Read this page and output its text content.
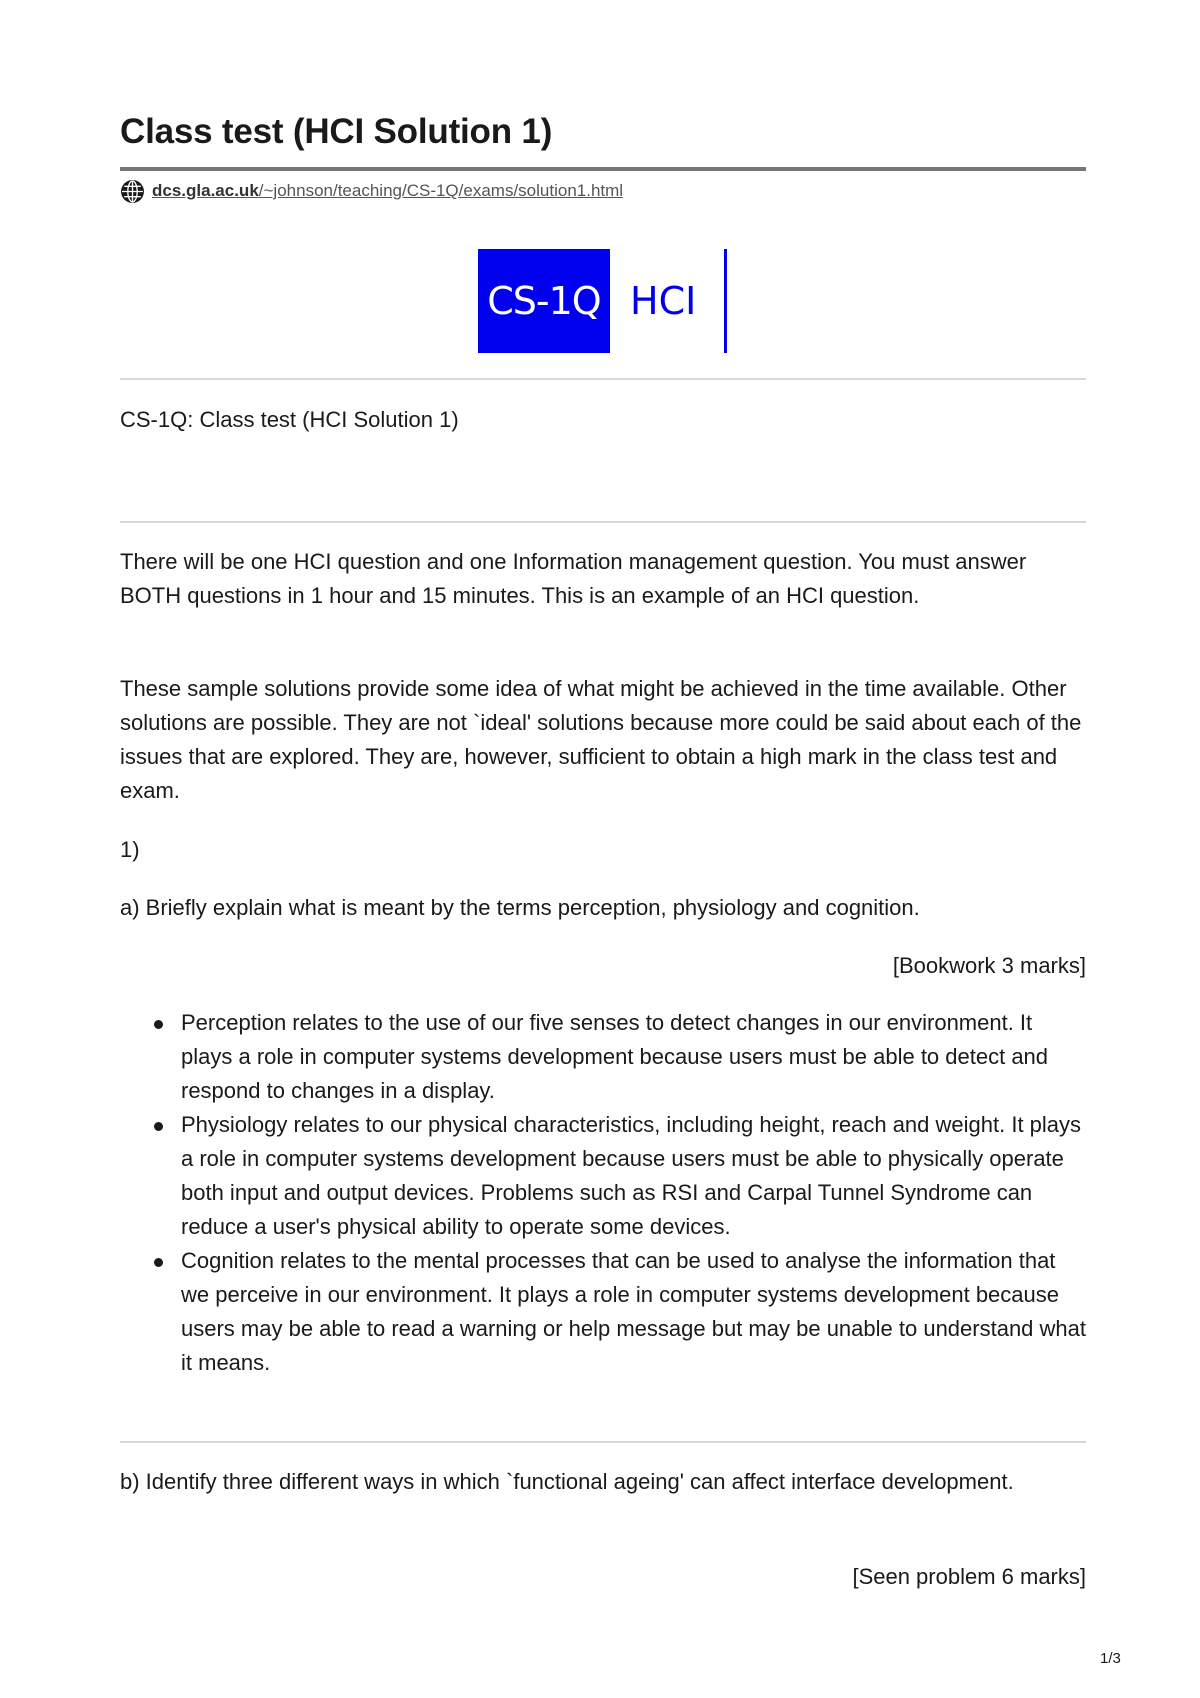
Class test (HCI Solution 1)
dcs.gla.ac.uk/~johnson/teaching/CS-1Q/exams/solution1.html
CS-1Q HCI

CS-1Q: Class test (HCI Solution 1)

There will be one HCI question and one Information management question. You must answer BOTH questions in 1 hour and 15 minutes. This is an example of an HCI question.

These sample solutions provide some idea of what might be achieved in the time available. Other solutions are possible. They are not `ideal' solutions because more could be said about each of the issues that are explored. They are, however, sufficient to obtain a high mark in the class test and exam.

1)

a) Briefly explain what is meant by the terms perception, physiology and cognition.

[Bookwork 3 marks]

Perception relates to the use of our five senses to detect changes in our environment. It plays a role in computer systems development because users must be able to detect and respond to changes in a display.
Physiology relates to our physical characteristics, including height, reach and weight. It plays a role in computer systems development because users must be able to physically operate both input and output devices. Problems such as RSI and Carpal Tunnel Syndrome can reduce a user's physical ability to operate some devices.
Cognition relates to the mental processes that can be used to analyse the information that we perceive in our environment. It plays a role in computer systems development because users may be able to read a warning or help message but may be unable to understand what it means.

b) Identify three different ways in which `functional ageing' can affect interface development.

[Seen problem 6 marks]

1/3
